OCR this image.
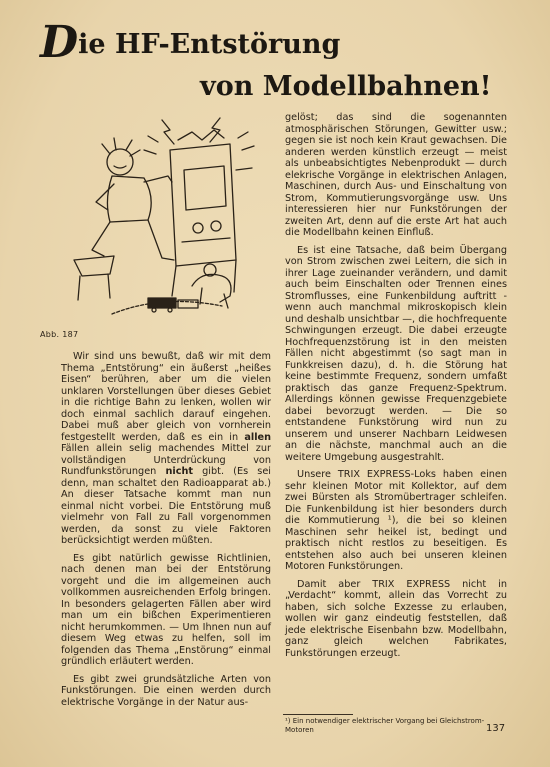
Die HF-Entstörung
von Modellbahnen!
Abb. 187

Wir sind uns bewußt, daß wir mit dem Thema „Entstörung“ ein äußerst „heißes Eisen“ berühren, aber um die vielen unklaren Vorstellungen über dieses Gebiet in die richtige Bahn zu lenken, wollen wir doch einmal sachlich darauf eingehen. Dabei muß aber gleich von vornherein festgestellt werden, daß es ein in allen Fällen allein selig machendes Mittel zur vollständigen Unterdrückung von Rundfunkstörungen nicht gibt. (Es sei denn, man schaltet den Radioapparat ab.) An dieser Tatsache kommt man nun einmal nicht vorbei. Die Entstörung muß vielmehr von Fall zu Fall vorgenommen werden, da sonst zu viele Faktoren berücksichtigt werden müßten.

Es gibt natürlich gewisse Richtlinien, nach denen man bei der Entstörung vorgeht und die im allgemeinen auch vollkommen ausreichenden Erfolg bringen. In besonders gelagerten Fällen aber wird man um ein bißchen Experimentieren nicht herumkommen. — Um Ihnen nun auf diesem Weg etwas zu helfen, soll im folgenden das Thema „Enstörung“ einmal gründlich erläutert werden.

Es gibt zwei grundsätzliche Arten von Funkstörungen. Die einen werden durch elektrische Vorgänge in der Natur aus-

gelöst; das sind die sogenannten atmosphärischen Störungen, Gewitter usw.; gegen sie ist noch kein Kraut gewachsen. Die anderen werden künstlich erzeugt — meist als unbeabsichtigtes Nebenprodukt — durch elekrische Vorgänge in elektrischen Anlagen, Maschinen, durch Aus- und Einschaltung von Strom, Kommutierungsvorgänge usw. Uns interessieren hier nur Funkstörungen der zweiten Art, denn auf die erste Art hat auch die Modellbahn keinen Einfluß.

Es ist eine Tatsache, daß beim Übergang von Strom zwischen zwei Leitern, die sich in ihrer Lage zueinander verändern, und damit auch beim Einschalten oder Trennen eines Stromflusses, eine Funkenbildung auftritt - wenn auch manchmal mikroskopisch klein und deshalb unsichtbar —, die hochfrequente Schwingungen erzeugt. Die dabei erzeugte Hochfrequenzstörung ist in den meisten Fällen nicht abgestimmt (so sagt man in Funkkreisen dazu), d. h. die Störung hat keine bestimmte Frequenz, sondern umfaßt praktisch das ganze Frequenz-Spektrum. Allerdings können gewisse Frequenzgebiete dabei bevorzugt werden. — Die so entstandene Funkstörung wird nun zu unserem und unserer Nachbarn Leidwesen an die nächste, manchmal auch an die weitere Umgebung ausgestrahlt.

Unsere TRIX EXPRESS-Loks haben einen sehr kleinen Motor mit Kollektor, auf dem zwei Bürsten als Stromübertrager schleifen. Die Funkenbildung ist hier besonders durch die Kommutierung ¹), die bei so kleinen Maschinen sehr heikel ist, bedingt und praktisch nicht restlos zu beseitigen. Es entstehen also auch bei unseren kleinen Motoren Funkstörungen.

Damit aber TRIX EXPRESS nicht in „Verdacht“ kommt, allein das Vorrecht zu haben, sich solche Exzesse zu erlauben, wollen wir ganz eindeutig feststellen, daß jede elektrische Eisenbahn bzw. Modellbahn, ganz gleich welchen Fabrikates, Funkstörungen erzeugt.

¹) Ein notwendiger elektrischer Vorgang bei Gleichstrom-Motoren	137
